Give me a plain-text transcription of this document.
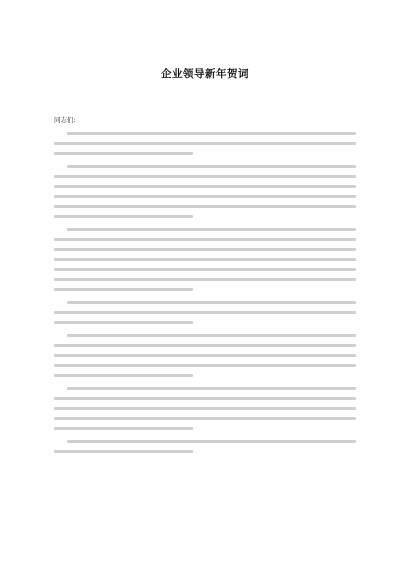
企业领导新年贺词
同志们:
